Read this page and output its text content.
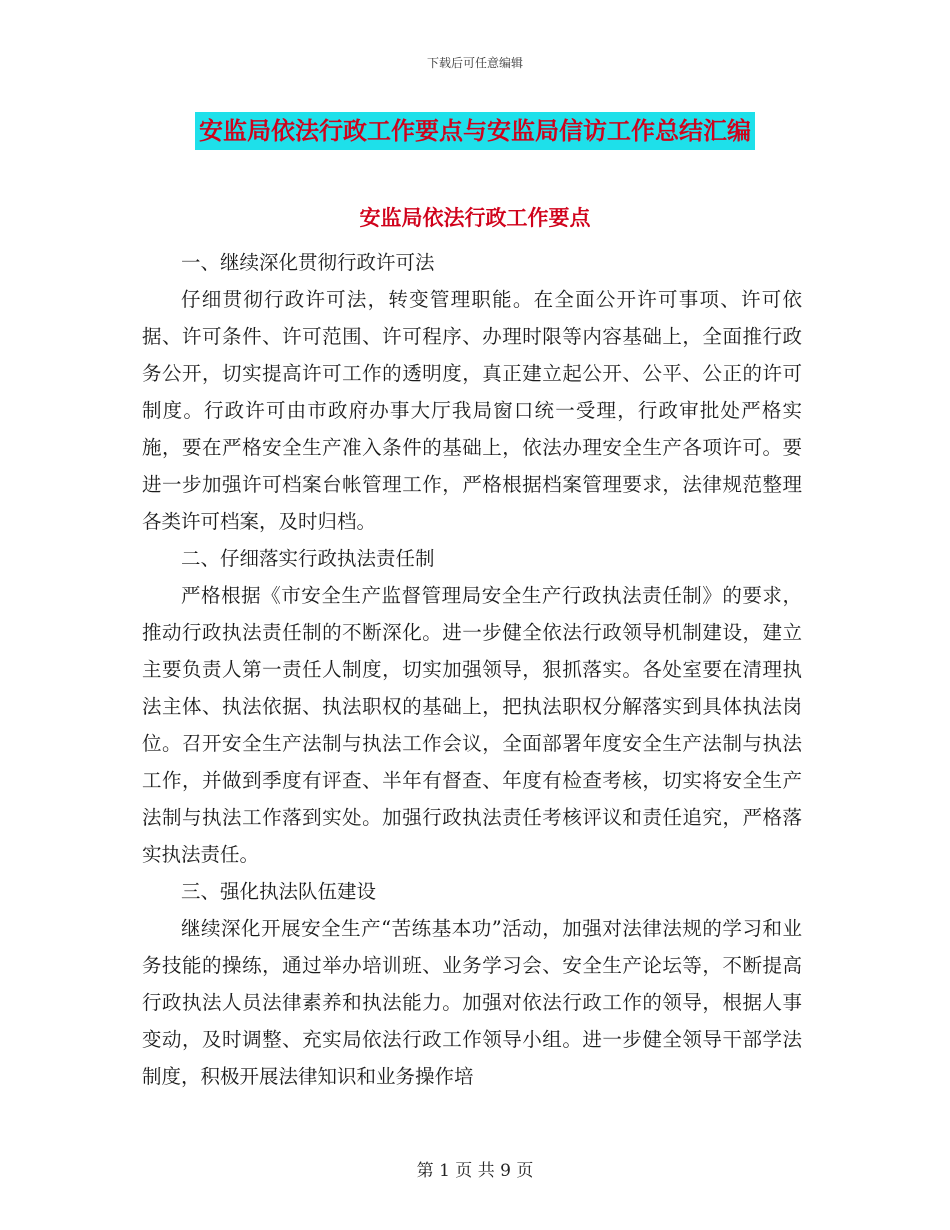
下载后可任意编辑
安监局依法行政工作要点与安监局信访工作总结汇编
安监局依法行政工作要点

一、继续深化贯彻行政许可法

仔细贯彻行政许可法，转变管理职能。在全面公开许可事项、许可依据、许可条件、许可范围、许可程序、办理时限等内容基础上，全面推行政务公开，切实提高许可工作的透明度，真正建立起公开、公平、公正的许可制度。行政许可由市政府办事大厅我局窗口统一受理，行政审批处严格实施，要在严格安全生产准入条件的基础上，依法办理安全生产各项许可。要进一步加强许可档案台帐管理工作，严格根据档案管理要求，法律规范整理各类许可档案，及时归档。

二、仔细落实行政执法责任制

严格根据《市安全生产监督管理局安全生产行政执法责任制》的要求，推动行政执法责任制的不断深化。进一步健全依法行政领导机制建设，建立主要负责人第一责任人制度，切实加强领导，狠抓落实。各处室要在清理执法主体、执法依据、执法职权的基础上，把执法职权分解落实到具体执法岗位。召开安全生产法制与执法工作会议，全面部署年度安全生产法制与执法工作，并做到季度有评查、半年有督查、年度有检查考核，切实将安全生产法制与执法工作落到实处。加强行政执法责任考核评议和责任追究，严格落实执法责任。

三、强化执法队伍建设

继续深化开展安全生产“苦练基本功”活动，加强对法律法规的学习和业务技能的操练，通过举办培训班、业务学习会、安全生产论坛等，不断提高行政执法人员法律素养和执法能力。加强对依法行政工作的领导，根据人事变动，及时调整、充实局依法行政工作领导小组。进一步健全领导干部学法制度，积极开展法律知识和业务操作培

第 1 页 共 9 页
